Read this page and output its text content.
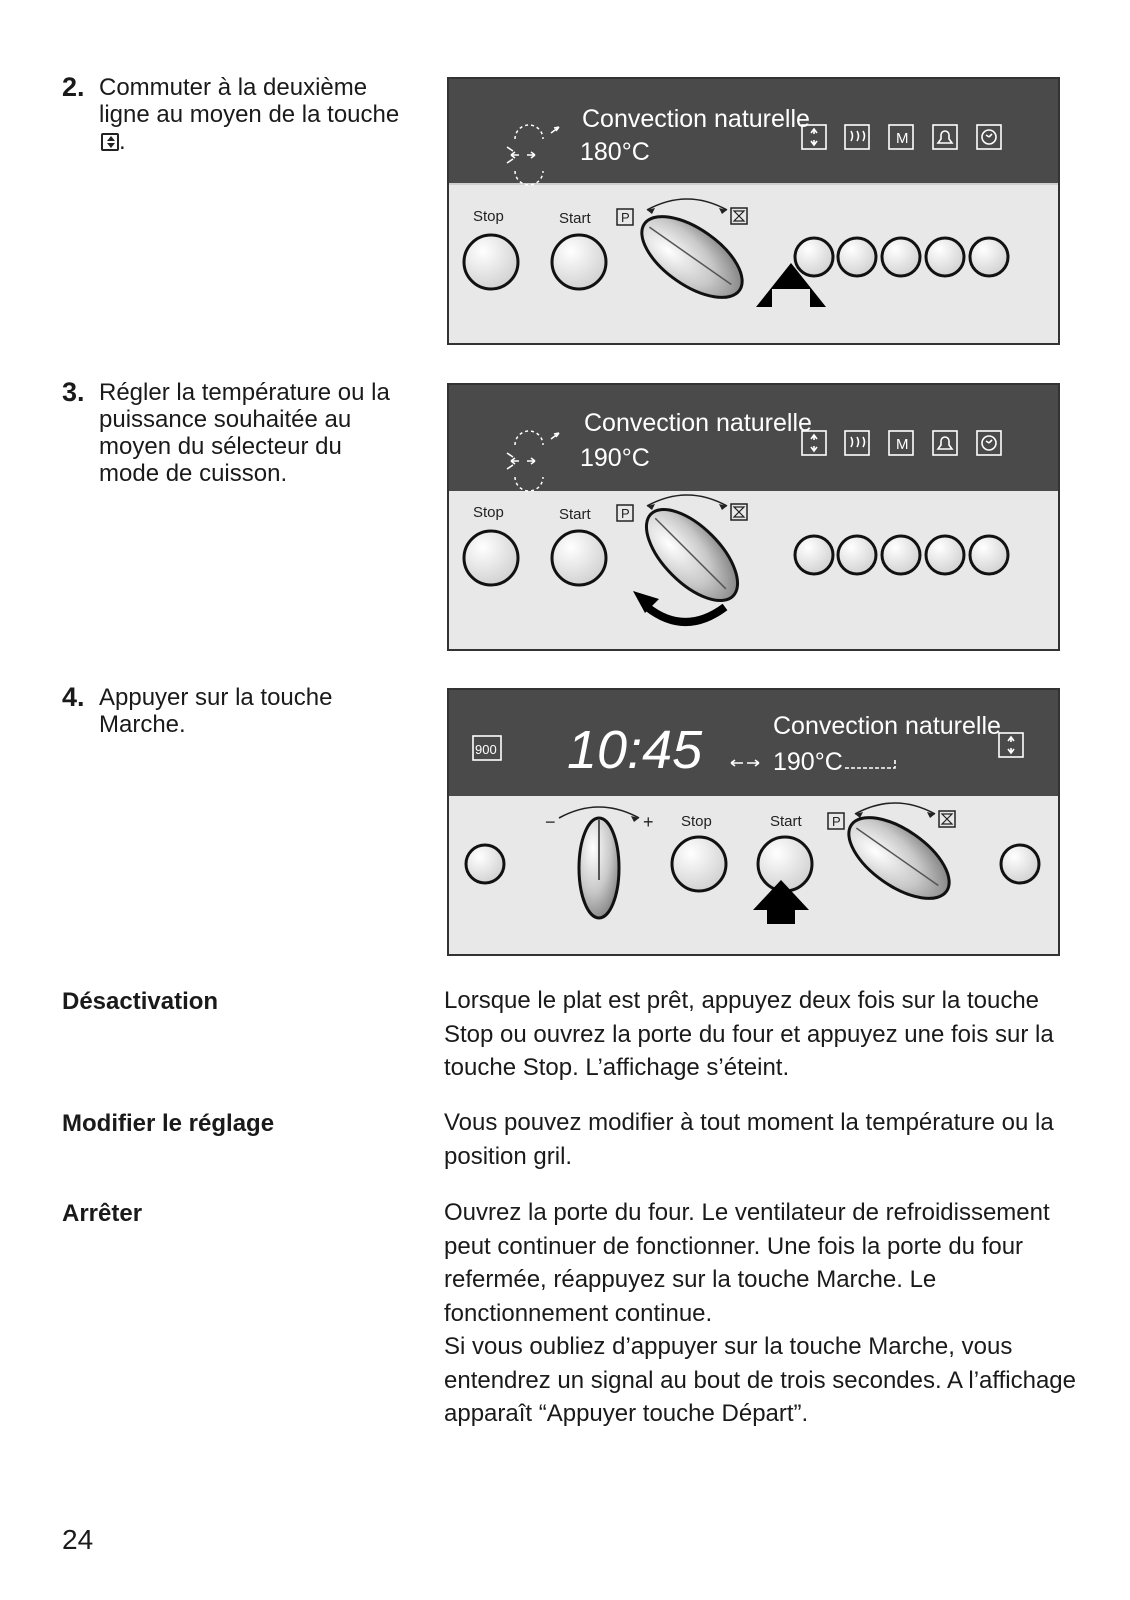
2. Commuter à la deuxième ligne au moyen de la touche .
3. Régler la température ou la puissance souhaitée au moyen du sélecteur du mode de cuisson.
4. Appuyer sur la touche Marche.
Convection naturelle
180°C	M
Stop	Start P
Convection naturelle
190°C	M
Stop	Start P
900 10:45	Convection naturelle
190°C
−	+ Stop	Start P
Désactivation	Lorsque le plat est prêt, appuyez deux fois sur la touche Stop ou ouvrez la porte du four et appuyez une fois sur la touche Stop. L’affichage s’éteint.

Modifier le réglage	Vous pouvez modifier à tout moment la température ou la position gril.

Arrêter	Ouvrez la porte du four. Le ventilateur de refroidissement peut continuer de fonctionner. Une fois la porte du four refermée, réappuyez sur la touche Marche. Le fonctionnement continue.

Si vous oubliez d’appuyer sur la touche Marche, vous entendrez un signal au bout de trois secondes. A l’affichage apparaît “Appuyer touche Départ”.

24
